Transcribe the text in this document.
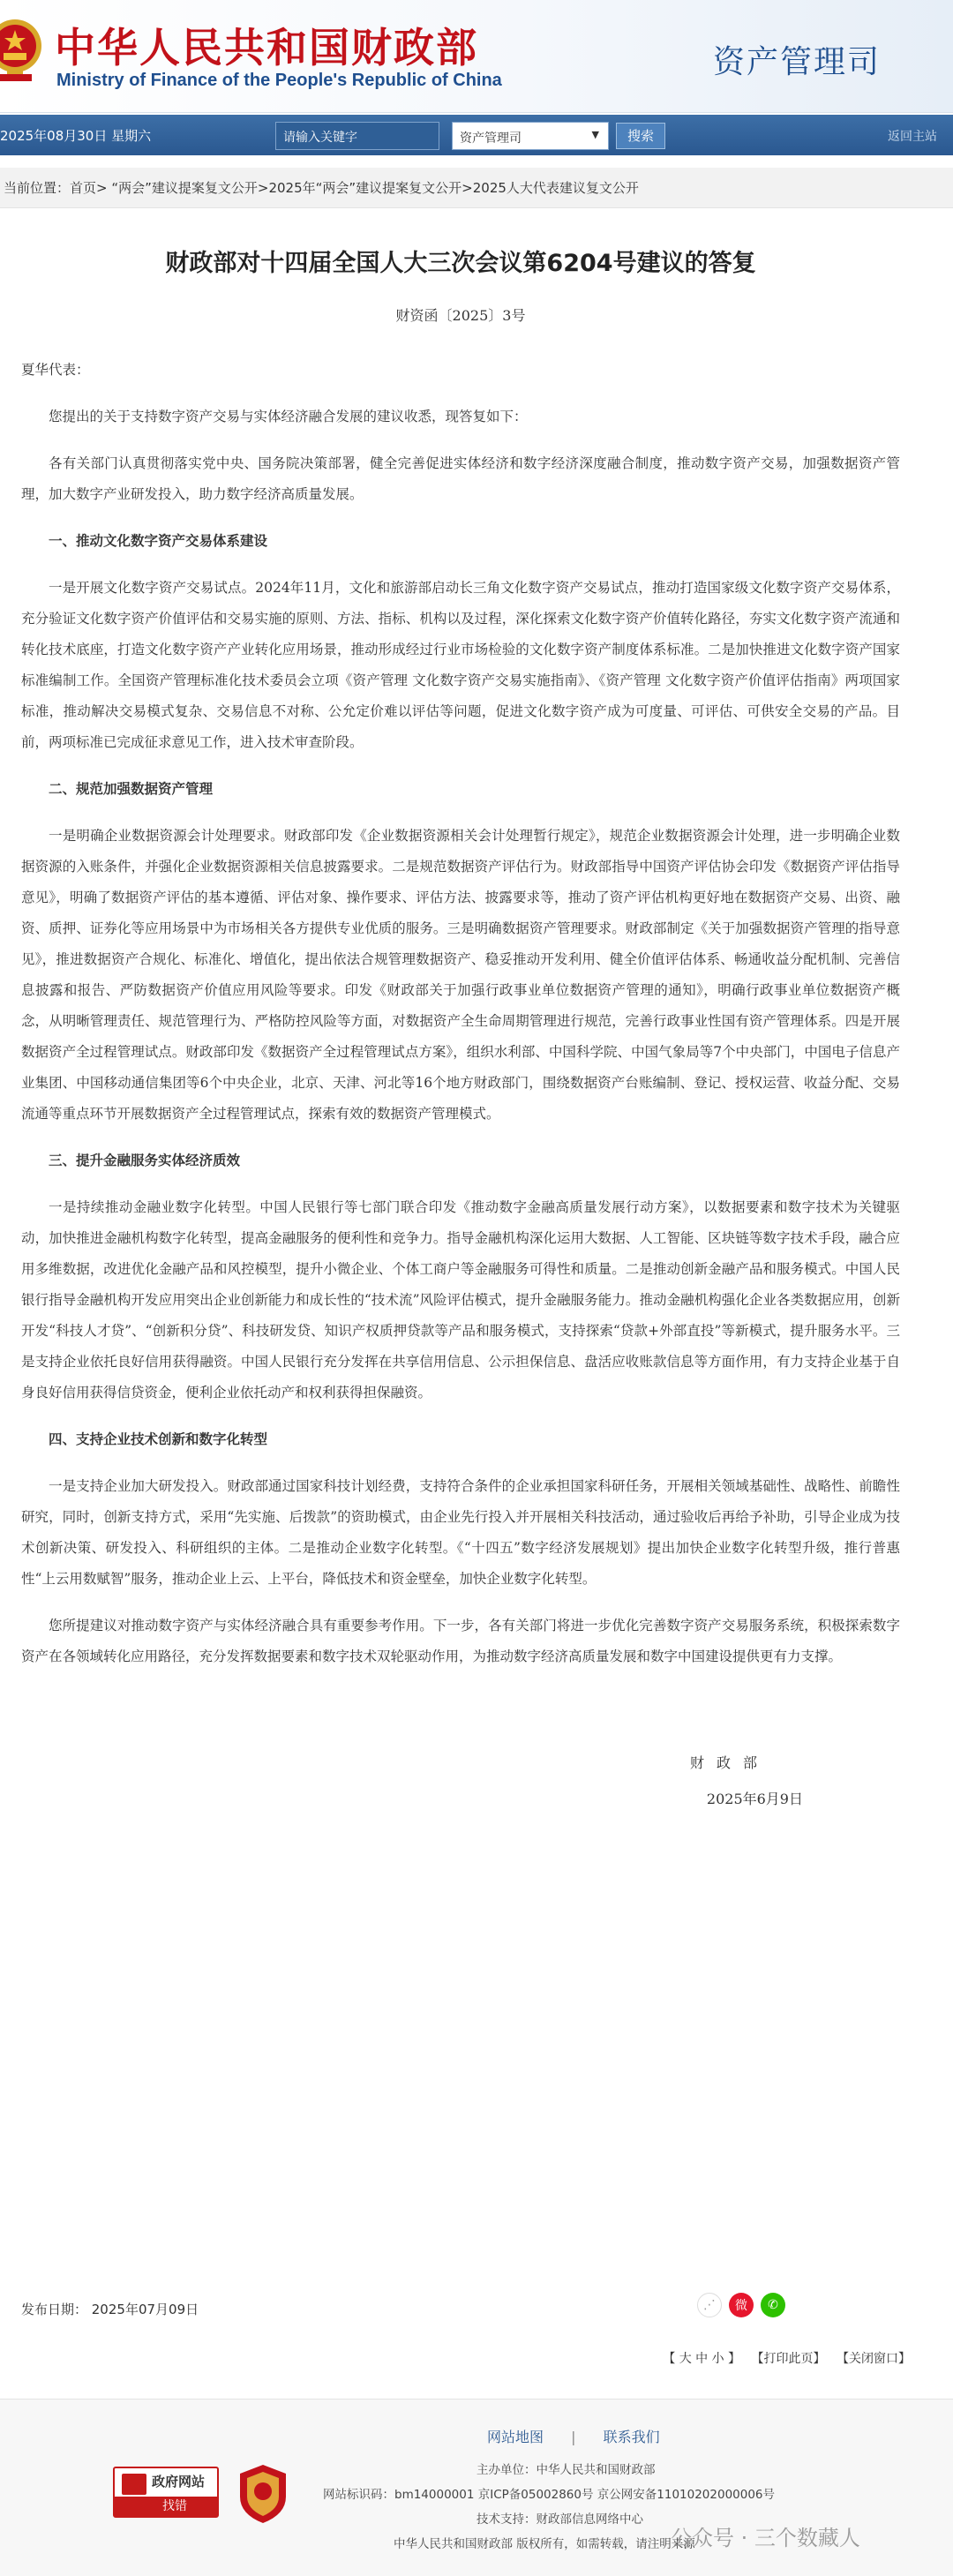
中华人民共和国财政部
Ministry of Finance of the People's Republic of China	资产管理司
2025年08月30日 星期六	请输入关键字	资产管理司	▼	搜索	返回主站
当前位置：首页> “两会”建议提案复文公开>2025年“两会”建议提案复文公开>2025人大代表建议复文公开
财政部对十四届全国人大三次会议第6204号建议的答复
财资函〔2025〕3号

夏华代表：

您提出的关于支持数字资产交易与实体经济融合发展的建议收悉，现答复如下：

各有关部门认真贯彻落实党中央、国务院决策部署，健全完善促进实体经济和数字经济深度融合制度，推动数字资产交易，加强数据资产管理，加大数字产业研发投入，助力数字经济高质量发展。

一、推动文化数字资产交易体系建设

一是开展文化数字资产交易试点。2024年11月，文化和旅游部启动长三角文化数字资产交易试点，推动打造国家级文化数字资产交易体系，充分验证文化数字资产价值评估和交易实施的原则、方法、指标、机构以及过程，深化探索文化数字资产价值转化路径，夯实文化数字资产流通和转化技术底座，打造文化数字资产产业转化应用场景，推动形成经过行业市场检验的文化数字资产制度体系标准。二是加快推进文化数字资产国家标准编制工作。全国资产管理标准化技术委员会立项《资产管理 文化数字资产交易实施指南》、《资产管理 文化数字资产价值评估指南》两项国家标准，推动解决交易模式复杂、交易信息不对称、公允定价难以评估等问题，促进文化数字资产成为可度量、可评估、可供安全交易的产品。目前，两项标准已完成征求意见工作，进入技术审查阶段。

二、规范加强数据资产管理

一是明确企业数据资源会计处理要求。财政部印发《企业数据资源相关会计处理暂行规定》，规范企业数据资源会计处理，进一步明确企业数据资源的入账条件，并强化企业数据资源相关信息披露要求。二是规范数据资产评估行为。财政部指导中国资产评估协会印发《数据资产评估指导意见》，明确了数据资产评估的基本遵循、评估对象、操作要求、评估方法、披露要求等，推动了资产评估机构更好地在数据资产交易、出资、融资、质押、证券化等应用场景中为市场相关各方提供专业优质的服务。三是明确数据资产管理要求。财政部制定《关于加强数据资产管理的指导意见》，推进数据资产合规化、标准化、增值化，提出依法合规管理数据资产、稳妥推动开发利用、健全价值评估体系、畅通收益分配机制、完善信息披露和报告、严防数据资产价值应用风险等要求。印发《财政部关于加强行政事业单位数据资产管理的通知》，明确行政事业单位数据资产概念，从明晰管理责任、规范管理行为、严格防控风险等方面，对数据资产全生命周期管理进行规范，完善行政事业性国有资产管理体系。四是开展数据资产全过程管理试点。财政部印发《数据资产全过程管理试点方案》，组织水利部、中国科学院、中国气象局等7个中央部门，中国电子信息产业集团、中国移动通信集团等6个中央企业，北京、天津、河北等16个地方财政部门，围绕数据资产台账编制、登记、授权运营、收益分配、交易流通等重点环节开展数据资产全过程管理试点，探索有效的数据资产管理模式。

三、提升金融服务实体经济质效

一是持续推动金融业数字化转型。中国人民银行等七部门联合印发《推动数字金融高质量发展行动方案》，以数据要素和数字技术为关键驱动，加快推进金融机构数字化转型，提高金融服务的便利性和竞争力。指导金融机构深化运用大数据、人工智能、区块链等数字技术手段，融合应用多维数据，改进优化金融产品和风控模型，提升小微企业、个体工商户等金融服务可得性和质量。二是推动创新金融产品和服务模式。中国人民银行指导金融机构开发应用突出企业创新能力和成长性的“技术流”风险评估模式，提升金融服务能力。推动金融机构强化企业各类数据应用，创新开发“科技人才贷”、“创新积分贷”、科技研发贷、知识产权质押贷款等产品和服务模式，支持探索“贷款+外部直投”等新模式，提升服务水平。三是支持企业依托良好信用获得融资。中国人民银行充分发挥在共享信用信息、公示担保信息、盘活应收账款信息等方面作用，有力支持企业基于自身良好信用获得信贷资金，便利企业依托动产和权利获得担保融资。

四、支持企业技术创新和数字化转型

一是支持企业加大研发投入。财政部通过国家科技计划经费，支持符合条件的企业承担国家科研任务，开展相关领域基础性、战略性、前瞻性研究，同时，创新支持方式，采用“先实施、后拨款”的资助模式，由企业先行投入并开展相关科技活动，通过验收后再给予补助，引导企业成为技术创新决策、研发投入、科研组织的主体。二是推动企业数字化转型。《“十四五”数字经济发展规划》提出加快企业数字化转型升级，推行普惠性“上云用数赋智”服务，推动企业上云、上平台，降低技术和资金壁垒，加快企业数字化转型。

您所提建议对推动数字资产与实体经济融合具有重要参考作用。下一步，各有关部门将进一步优化完善数字资产交易服务系统，积极探索数字资产在各领域转化应用路径，充分发挥数据要素和数字技术双轮驱动作用，为推动数字经济高质量发展和数字中国建设提供更有力支撑。

财政部
2025年6月9日
发布日期： 2025年07月09日	⋰	微	✆
【 大 中 小 】 【打印此页】 【关闭窗口】
网站地图 | 联系我们
政府网站
找错
主办单位：中华人民共和国财政部
网站标识码：bm14000001 京ICP备05002860号 京公网安备11010202000006号
技术支持：财政部信息网络中心
中华人民共和国财政部 版权所有，如需转载，请注明来源
公众号 · 三个数藏人
